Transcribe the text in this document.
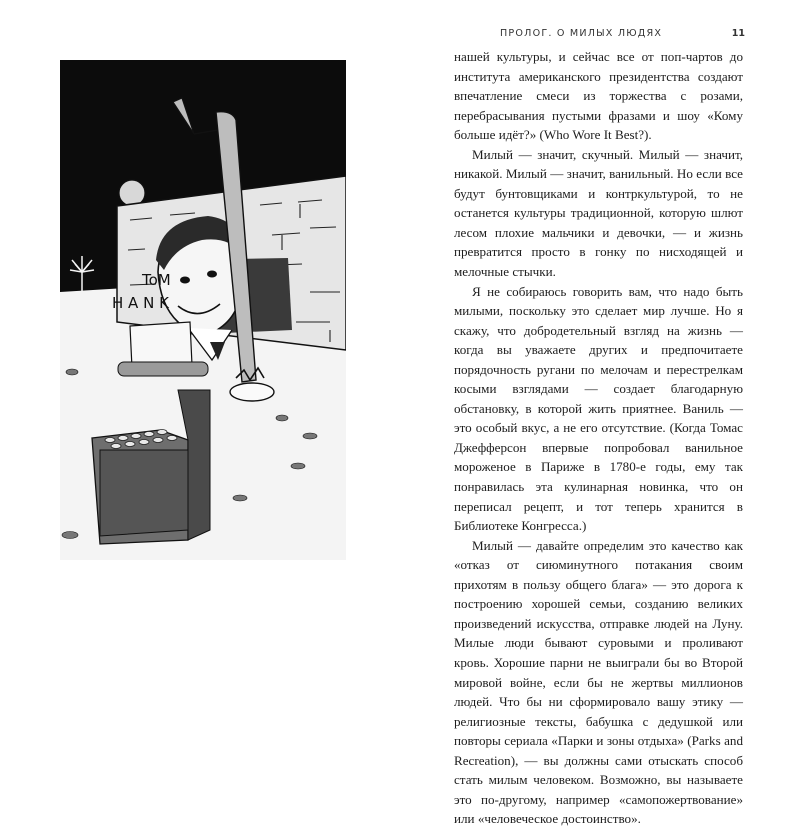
ПРОЛОГ. О МИЛЫХ ЛЮДЯХ	11
ToM
H A N K

нашей культуры, и сейчас все от поп-чартов до института американского президентства создают впечатление смеси из торжества с розами, перебрасывания пустыми фразами и шоу «Кому больше идёт?» (Who Wore It Best?).

Милый — значит, скучный. Милый — значит, никакой. Милый — значит, ванильный. Но если все будут бунтовщиками и контркультурой, то не останется культуры традиционной, которую шлют лесом плохие мальчики и девочки, — и жизнь превратится просто в гонку по нисходящей и мелочные стычки.

Я не собираюсь говорить вам, что надо быть милыми, поскольку это сделает мир лучше. Но я скажу, что добродетельный взгляд на жизнь — когда вы уважаете других и предпочитаете порядочность ругани по мелочам и перестрелкам косыми взглядами — создает благодарную обстановку, в которой жить приятнее. Ваниль — это особый вкус, а не его отсутствие. (Когда Томас Джефферсон впервые попробовал ванильное мороженое в Париже в 1780-е годы, ему так понравилась эта кулинарная новинка, что он переписал рецепт, и тот теперь хранится в Библиотеке Конгресса.)

Милый — давайте определим это качество как «отказ от сиюминутного потакания своим прихотям в пользу общего блага» — это дорога к построению хорошей семьи, созданию великих произведений искусства, отправке людей на Луну. Милые люди бывают суровыми и проливают кровь. Хорошие парни не выиграли бы во Второй мировой войне, если бы не жертвы миллионов людей. Что бы ни сформировало вашу этику — религиозные тексты, бабушка с дедушкой или повторы сериала «Парки и зоны отдыха» (Parks and Recreation), — вы должны сами отыскать способ стать милым человеком. Возможно, вы называете это по-другому, например «самопожертвование» или «человеческое достоинство».
